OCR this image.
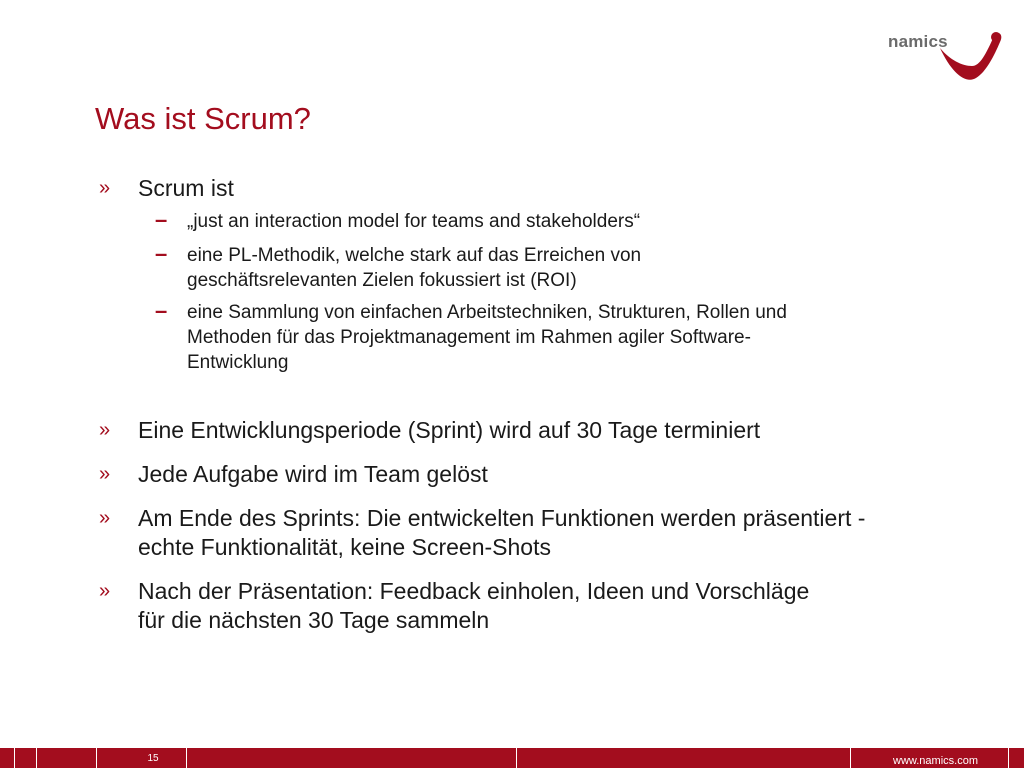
namics
Was ist Scrum?
» Scrum ist
– „just an interaction model for teams and stakeholders“
– eine PL-Methodik, welche stark auf das Erreichen von geschäftsrelevanten Zielen fokussiert ist (ROI)
– eine Sammlung von einfachen Arbeitstechniken, Strukturen, Rollen und Methoden für das Projektmanagement im Rahmen agiler Software-Entwicklung
» Eine Entwicklungsperiode (Sprint) wird auf 30 Tage terminiert
» Jede Aufgabe wird im Team gelöst
» Am Ende des Sprints: Die entwickelten Funktionen werden präsentiert - echte Funktionalität, keine Screen-Shots
» Nach der Präsentation: Feedback einholen, Ideen und Vorschläge für die nächsten 30 Tage sammeln
15	www.namics.com
